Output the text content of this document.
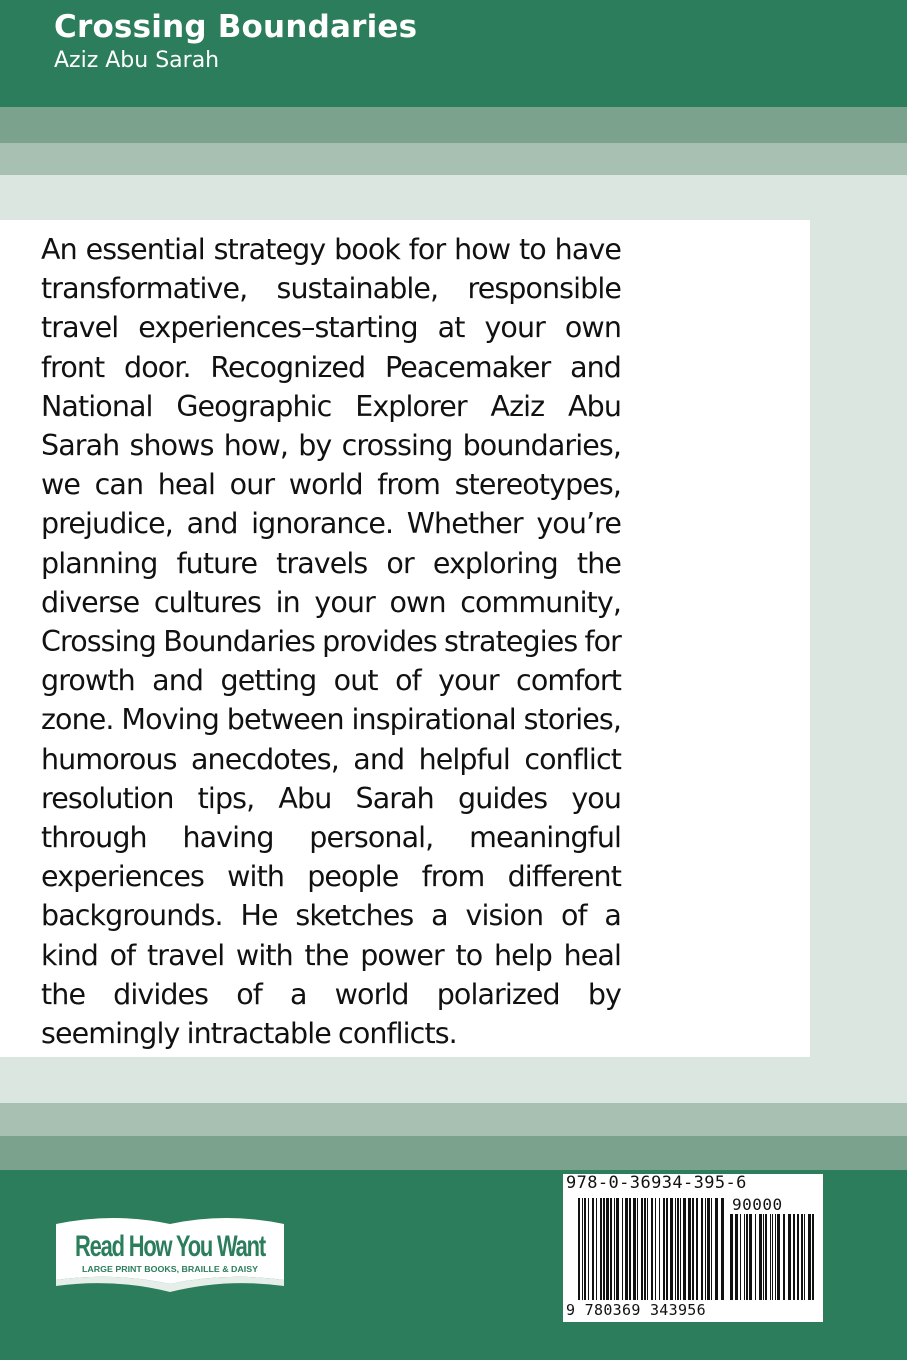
Crossing Boundaries

Aziz Abu Sarah

An essential strategy book for how to have transformative, sustainable, responsible travel experiences–starting at your own front door. Recognized Peacemaker and National Geographic Explorer Aziz Abu Sarah shows how, by crossing boundaries, we can heal our world from stereotypes, prejudice, and ignorance. Whether you’re planning future travels or exploring the diverse cultures in your own community, Crossing Boundaries provides strategies for growth and getting out of your comfort zone. Moving between inspirational stories, humorous anecdotes, and helpful conflict resolution tips, Abu Sarah guides you through having personal, meaningful experiences with people from different backgrounds. He sketches a vision of a kind of travel with the power to help heal the divides of a world polarized by seemingly intractable conflicts.

Read How You Want
LARGE PRINT BOOKS, BRAILLE & DAISY
978-0-36934-395-6
90000
9 780369 343956
